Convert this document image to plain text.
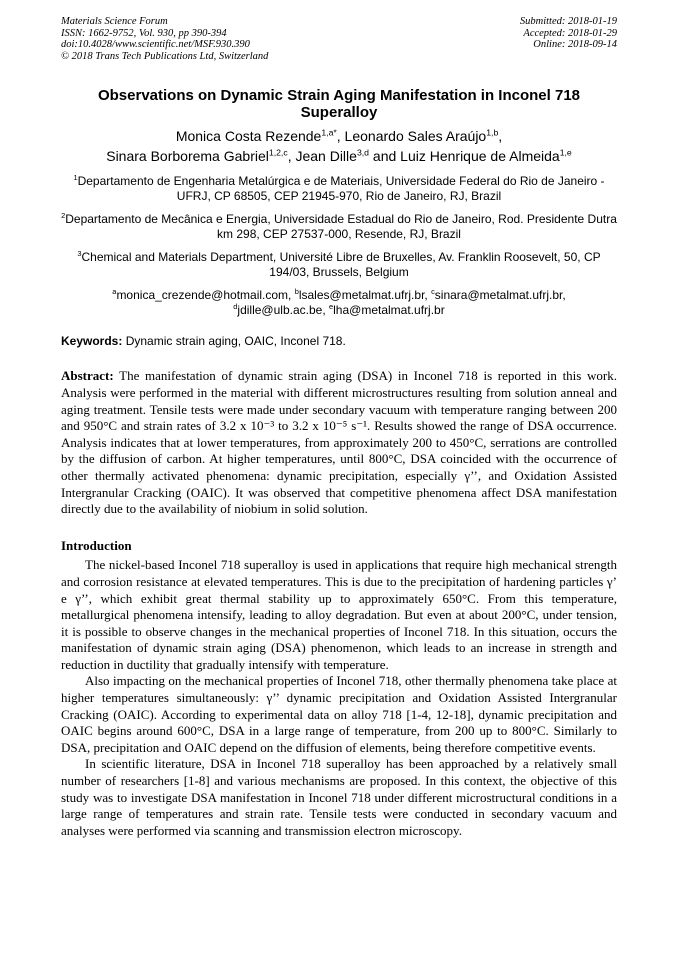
Materials Science Forum
ISSN: 1662-9752, Vol. 930, pp 390-394
doi:10.4028/www.scientific.net/MSF.930.390
© 2018 Trans Tech Publications Ltd, Switzerland
Submitted: 2018-01-19
Accepted: 2018-01-29
Online: 2018-09-14
Observations on Dynamic Strain Aging Manifestation in Inconel 718 Superalloy
Monica Costa Rezende$^{1,a*}$, Leonardo Sales Araújo$^{1,b}$,
Sinara Borborema Gabriel$^{1,2,c}$, Jean Dille$^{3,d}$ and Luiz Henrique de Almeida$^{1,e}$

$^1$Departamento de Engenharia Metalúrgica e de Materiais, Universidade Federal do Rio de Janeiro - UFRJ, CP 68505, CEP 21945-970, Rio de Janeiro, RJ, Brazil

$^2$Departamento de Mecânica e Energia, Universidade Estadual do Rio de Janeiro, Rod. Presidente Dutra km 298, CEP 27537-000, Resende, RJ, Brazil

$^3$Chemical and Materials Department, Université Libre de Bruxelles, Av. Franklin Roosevelt, 50, CP 194/03, Brussels, Belgium

$^a$monica_crezende@hotmail.com, $^b$lsales@metalmat.ufrj.br, $^c$sinara@metalmat.ufrj.br,
$^d$jdille@ulb.ac.be, $^e$lha@metalmat.ufrj.br

Keywords: Dynamic strain aging, OAIC, Inconel 718.

Abstract: The manifestation of dynamic strain aging (DSA) in Inconel 718 is reported in this work. Analysis were performed in the material with different microstructures resulting from solution anneal and aging treatment. Tensile tests were made under secondary vacuum with temperature ranging between 200 and 950°C and strain rates of 3.2 x 10⁻³ to 3.2 x 10⁻⁵ s⁻¹. Results showed the range of DSA occurrence. Analysis indicates that at lower temperatures, from approximately 200 to 450°C, serrations are controlled by the diffusion of carbon. At higher temperatures, until 800°C, DSA coincided with the occurrence of other thermally activated phenomena: dynamic precipitation, especially γ’’, and Oxidation Assisted Intergranular Cracking (OAIC). It was observed that competitive phenomena affect DSA manifestation directly due to the availability of niobium in solid solution.

Introduction

The nickel-based Inconel 718 superalloy is used in applications that require high mechanical strength and corrosion resistance at elevated temperatures. This is due to the precipitation of hardening particles γ’ e γ’’, which exhibit great thermal stability up to approximately 650°C. From this temperature, metallurgical phenomena intensify, leading to alloy degradation. But even at about 200°C, under tension, it is possible to observe changes in the mechanical properties of Inconel 718. In this situation, occurs the manifestation of dynamic strain aging (DSA) phenomenon, which leads to an increase in strength and reduction in ductility that gradually intensify with temperature.

Also impacting on the mechanical properties of Inconel 718, other thermally phenomena take place at higher temperatures simultaneously: γ’’ dynamic precipitation and Oxidation Assisted Intergranular Cracking (OAIC). According to experimental data on alloy 718 [1-4, 12-18], dynamic precipitation and OAIC begins around 600°C, DSA in a large range of temperature, from 200 up to 800°C. Similarly to DSA, precipitation and OAIC depend on the diffusion of elements, being therefore competitive events.

In scientific literature, DSA in Inconel 718 superalloy has been approached by a relatively small number of researchers [1-8] and various mechanisms are proposed. In this context, the objective of this study was to investigate DSA manifestation in Inconel 718 under different microstructural conditions in a large range of temperatures and strain rate. Tensile tests were conducted in secondary vacuum and analyses were performed via scanning and transmission electron microscopy.
